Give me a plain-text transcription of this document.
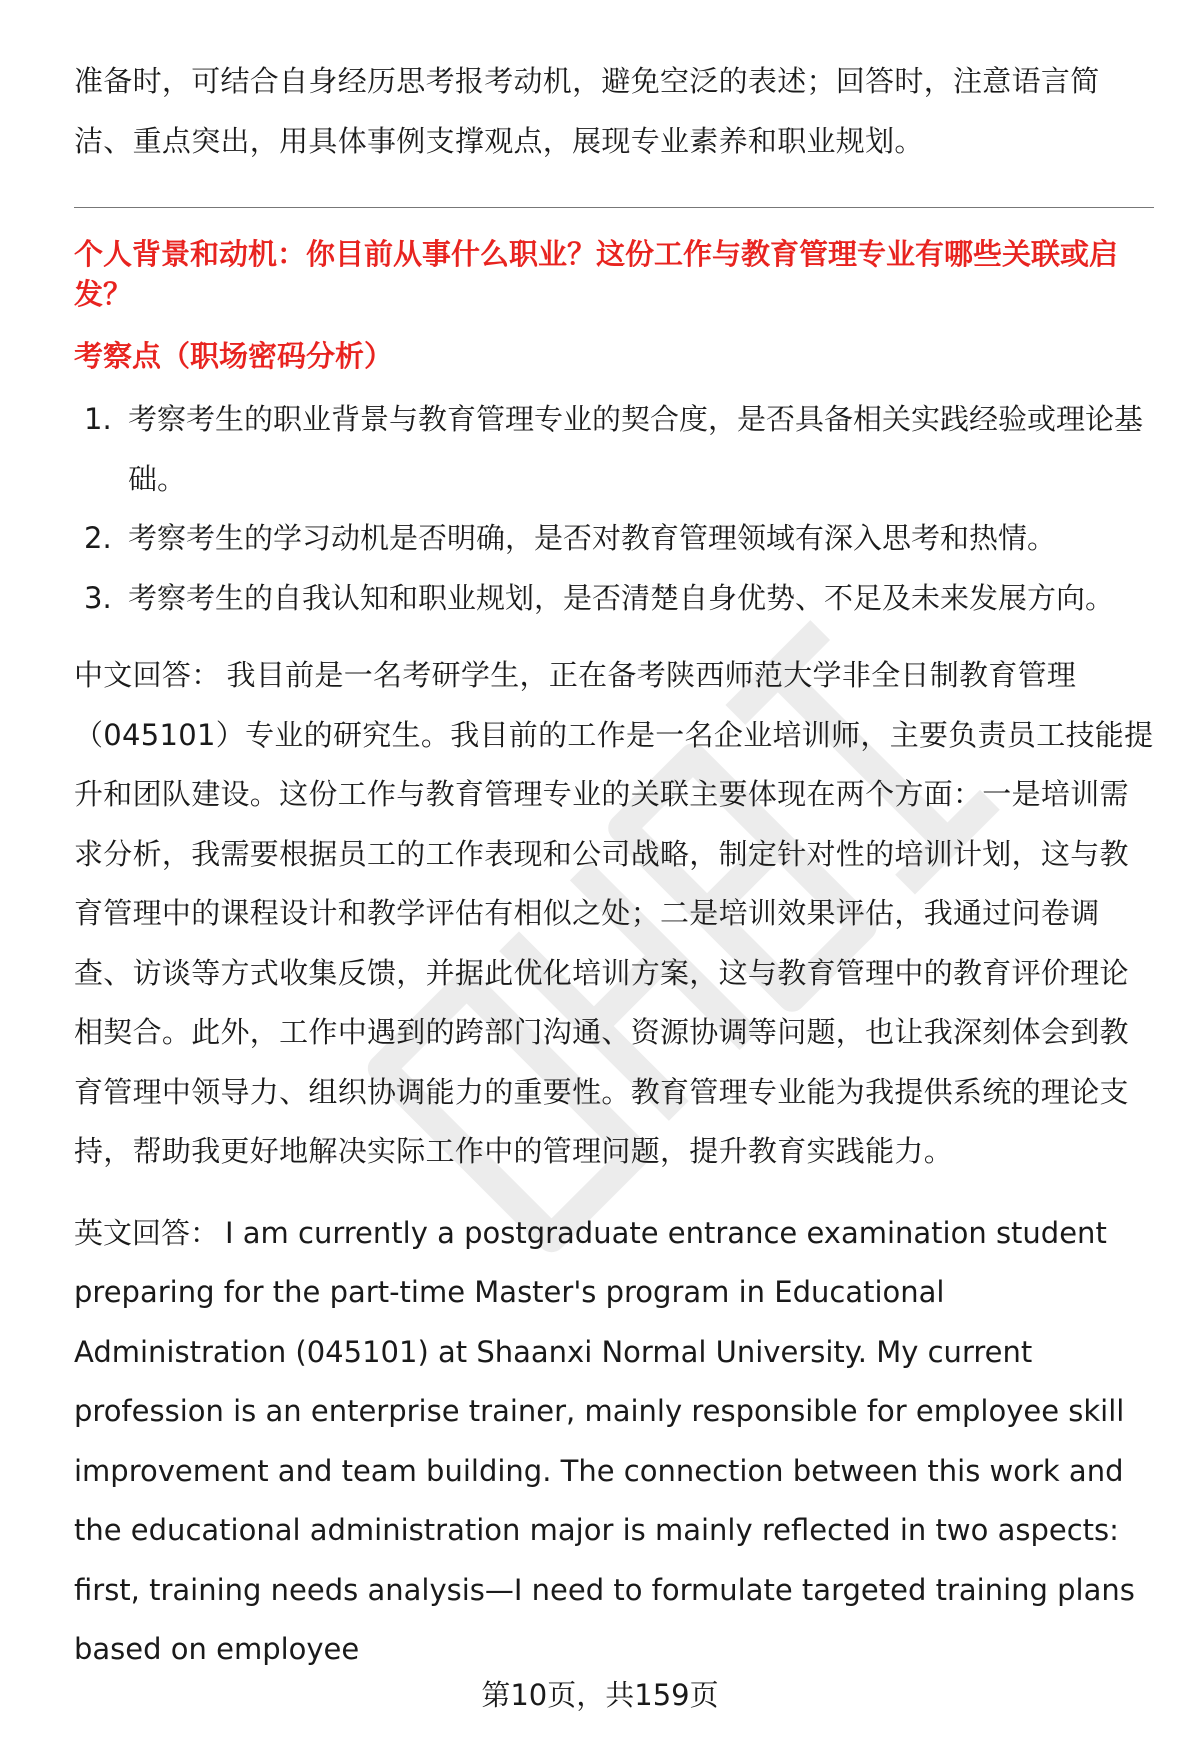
准备时，可结合自身经历思考报考动机，避免空泛的表述；回答时，注意语言简洁、重点突出，用具体事例支撑观点，展现专业素养和职业规划。

个人背景和动机：你目前从事什么职业？这份工作与教育管理专业有哪些关联或启发？

考察点（职场密码分析）

1. 考察考生的职业背景与教育管理专业的契合度，是否具备相关实践经验或理论基础。
2. 考察考生的学习动机是否明确，是否对教育管理领域有深入思考和热情。
3. 考察考生的自我认知和职业规划，是否清楚自身优势、不足及未来发展方向。

中文回答： 我目前是一名考研学生，正在备考陕西师范大学非全日制教育管理（045101）专业的研究生。我目前的工作是一名企业培训师，主要负责员工技能提升和团队建设。这份工作与教育管理专业的关联主要体现在两个方面：一是培训需求分析，我需要根据员工的工作表现和公司战略，制定针对性的培训计划，这与教育管理中的课程设计和教学评估有相似之处；二是培训效果评估，我通过问卷调查、访谈等方式收集反馈，并据此优化培训方案，这与教育管理中的教育评价理论相契合。此外，工作中遇到的跨部门沟通、资源协调等问题，也让我深刻体会到教育管理中领导力、组织协调能力的重要性。教育管理专业能为我提供系统的理论支持，帮助我更好地解决实际工作中的管理问题，提升教育实践能力。

英文回答： I am currently a postgraduate entrance examination student preparing for the part-time Master's program in Educational Administration (045101) at Shaanxi Normal University. My current profession is an enterprise trainer, mainly responsible for employee skill improvement and team building. The connection between this work and the educational administration major is mainly reflected in two aspects: first, training needs analysis—I need to formulate targeted training plans based on employee

第10页，共159页
